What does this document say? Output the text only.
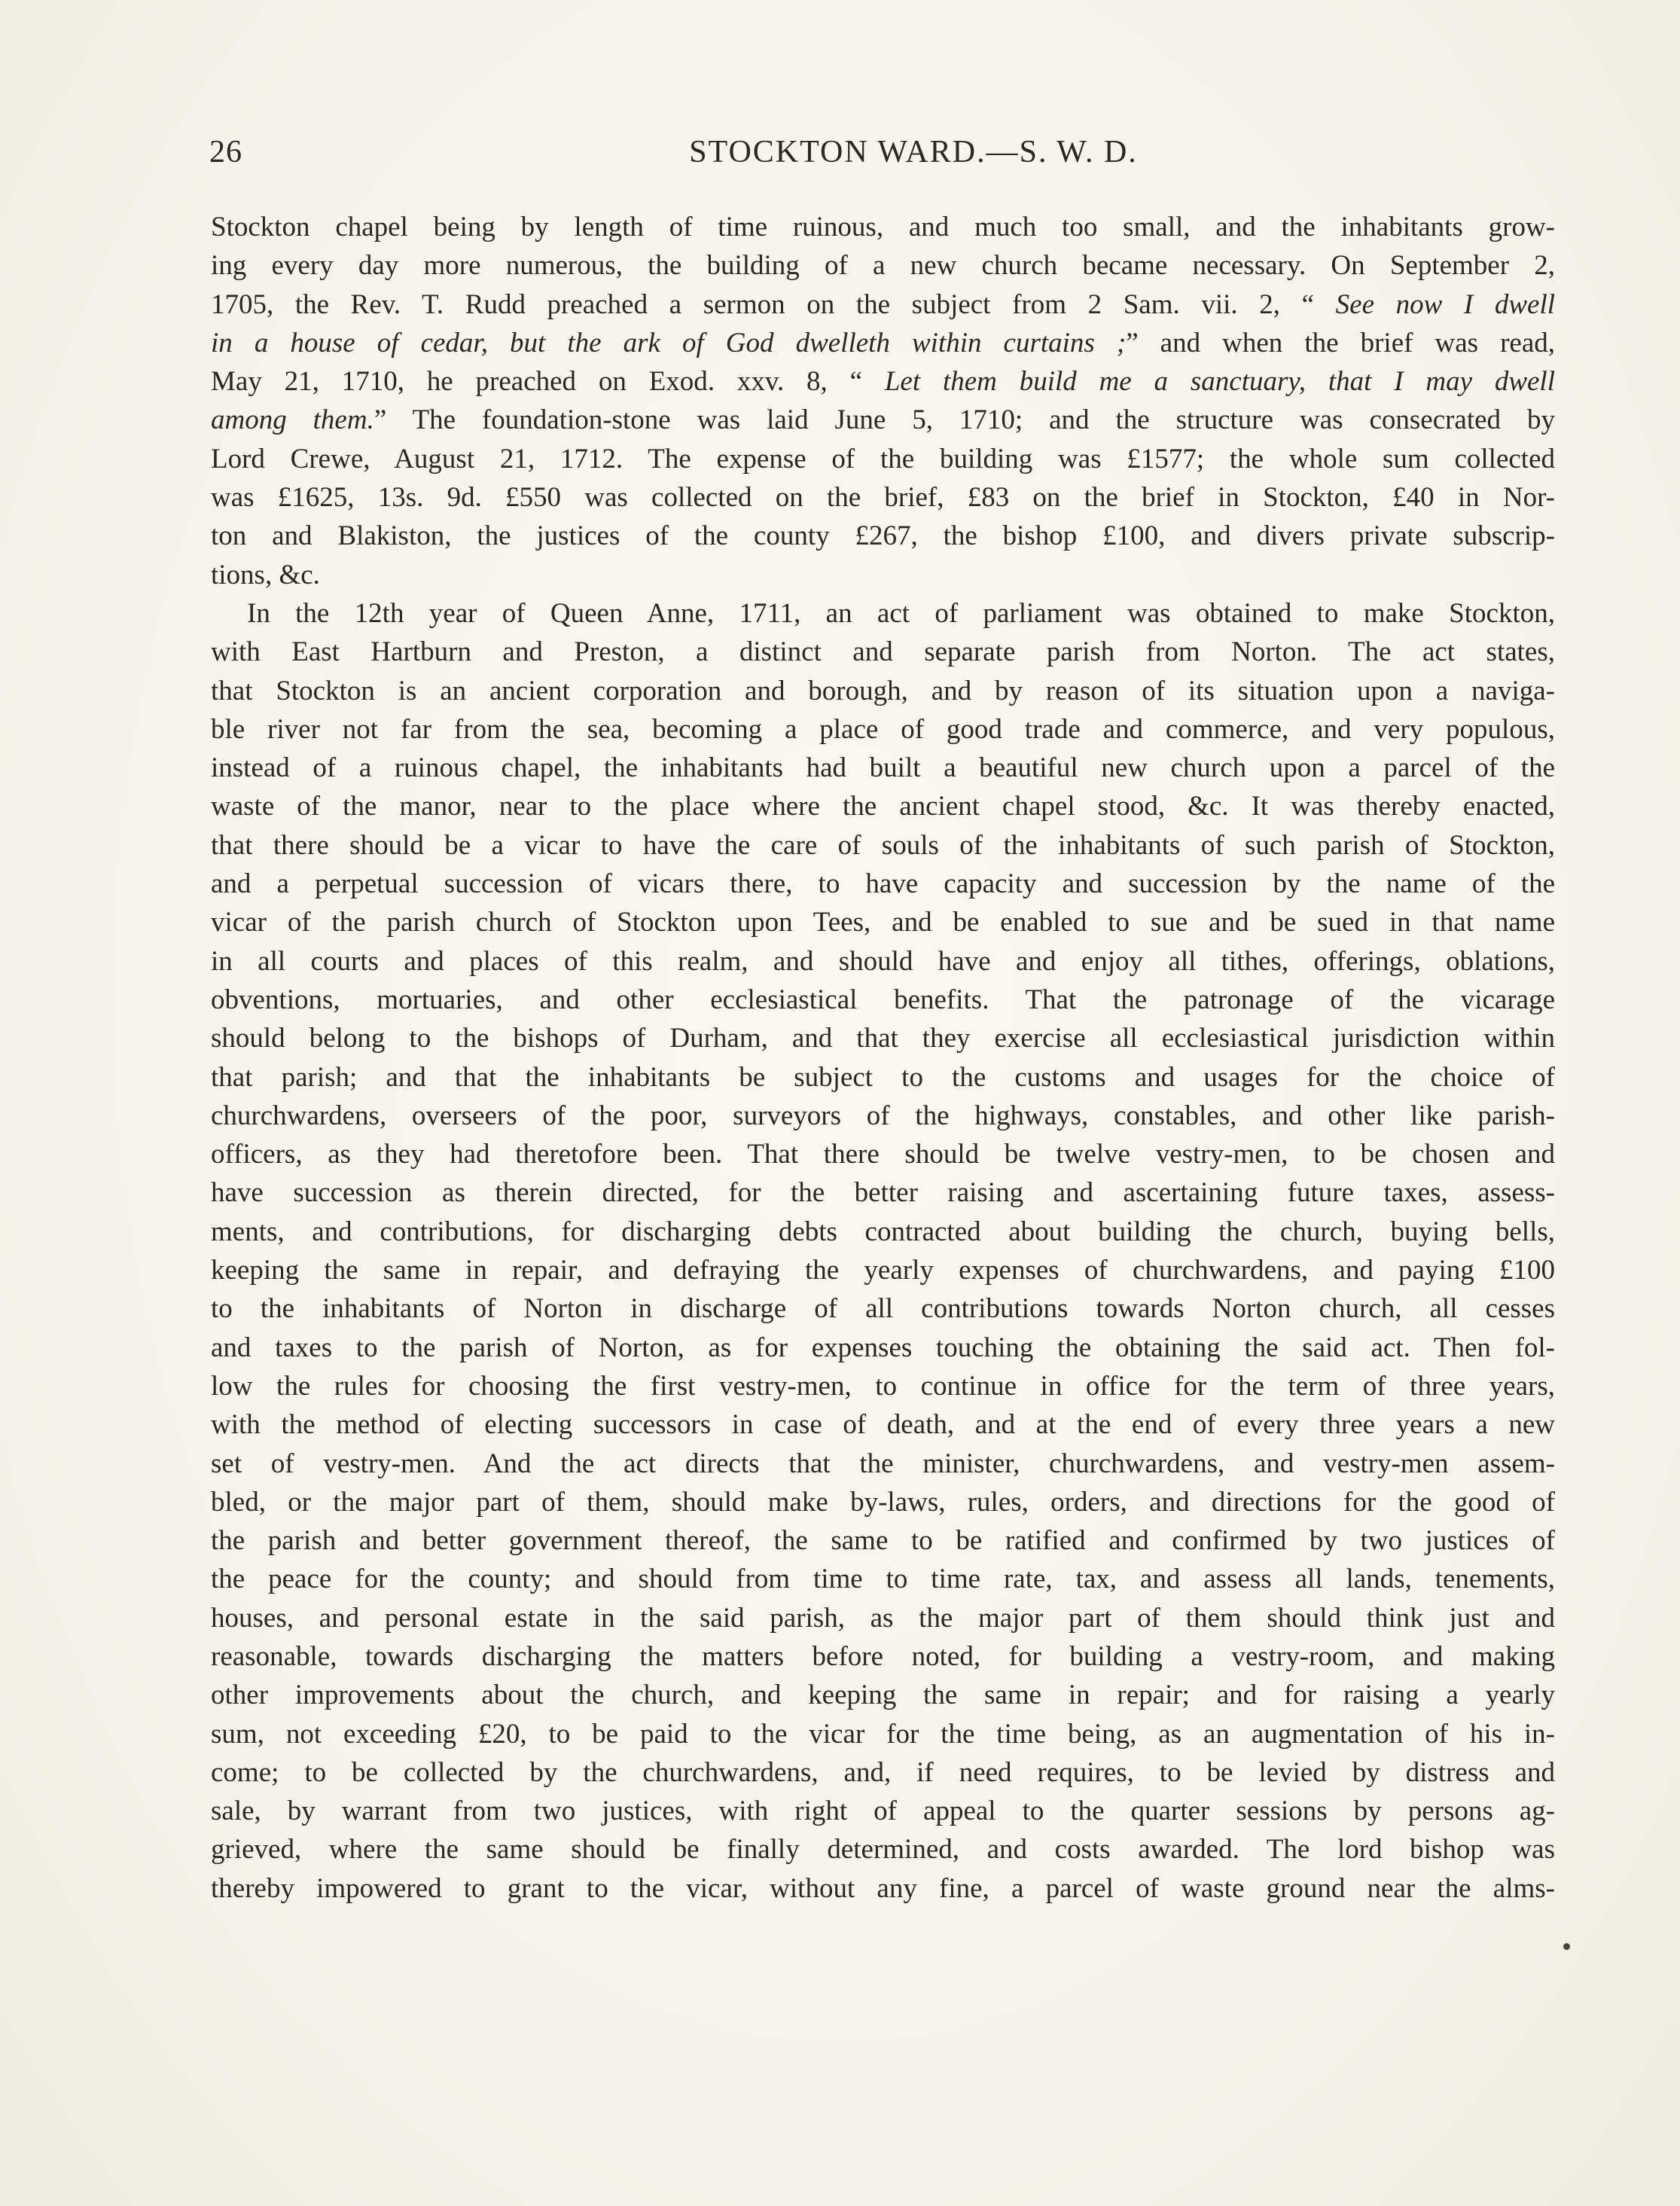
26	STOCKTON WARD.—S. W. D.
Stockton chapel being by length of time ruinous, and much too small, and the inhabitants grow-
ing every day more numerous, the building of a new church became necessary. On September 2,
1705, the Rev. T. Rudd preached a sermon on the subject from 2 Sam. vii. 2, “ See now I dwell
in a house of cedar, but the ark of God dwelleth within curtains ;” and when the brief was read,
May 21, 1710, he preached on Exod. xxv. 8, “ Let them build me a sanctuary, that I may dwell
among them.” The foundation-stone was laid June 5, 1710; and the structure was consecrated by
Lord Crewe, August 21, 1712. The expense of the building was £1577; the whole sum collected
was £1625, 13s. 9d. £550 was collected on the brief, £83 on the brief in Stockton, £40 in Nor-
ton and Blakiston, the justices of the county £267, the bishop £100, and divers private subscrip-
tions, &c.
In the 12th year of Queen Anne, 1711, an act of parliament was obtained to make Stockton,
with East Hartburn and Preston, a distinct and separate parish from Norton. The act states,
that Stockton is an ancient corporation and borough, and by reason of its situation upon a naviga-
ble river not far from the sea, becoming a place of good trade and commerce, and very populous,
instead of a ruinous chapel, the inhabitants had built a beautiful new church upon a parcel of the
waste of the manor, near to the place where the ancient chapel stood, &c. It was thereby enacted,
that there should be a vicar to have the care of souls of the inhabitants of such parish of Stockton,
and a perpetual succession of vicars there, to have capacity and succession by the name of the
vicar of the parish church of Stockton upon Tees, and be enabled to sue and be sued in that name
in all courts and places of this realm, and should have and enjoy all tithes, offerings, oblations,
obventions, mortuaries, and other ecclesiastical benefits. That the patronage of the vicarage
should belong to the bishops of Durham, and that they exercise all ecclesiastical jurisdiction within
that parish; and that the inhabitants be subject to the customs and usages for the choice of
churchwardens, overseers of the poor, surveyors of the highways, constables, and other like parish-
officers, as they had theretofore been. That there should be twelve vestry-men, to be chosen and
have succession as therein directed, for the better raising and ascertaining future taxes, assess-
ments, and contributions, for discharging debts contracted about building the church, buying bells,
keeping the same in repair, and defraying the yearly expenses of churchwardens, and paying £100
to the inhabitants of Norton in discharge of all contributions towards Norton church, all cesses
and taxes to the parish of Norton, as for expenses touching the obtaining the said act. Then fol-
low the rules for choosing the first vestry-men, to continue in office for the term of three years,
with the method of electing successors in case of death, and at the end of every three years a new
set of vestry-men. And the act directs that the minister, churchwardens, and vestry-men assem-
bled, or the major part of them, should make by-laws, rules, orders, and directions for the good of
the parish and better government thereof, the same to be ratified and confirmed by two justices of
the peace for the county; and should from time to time rate, tax, and assess all lands, tenements,
houses, and personal estate in the said parish, as the major part of them should think just and
reasonable, towards discharging the matters before noted, for building a vestry-room, and making
other improvements about the church, and keeping the same in repair; and for raising a yearly
sum, not exceeding £20, to be paid to the vicar for the time being, as an augmentation of his in-
come; to be collected by the churchwardens, and, if need requires, to be levied by distress and
sale, by warrant from two justices, with right of appeal to the quarter sessions by persons ag-
grieved, where the same should be finally determined, and costs awarded. The lord bishop was
thereby impowered to grant to the vicar, without any fine, a parcel of waste ground near the alms-
